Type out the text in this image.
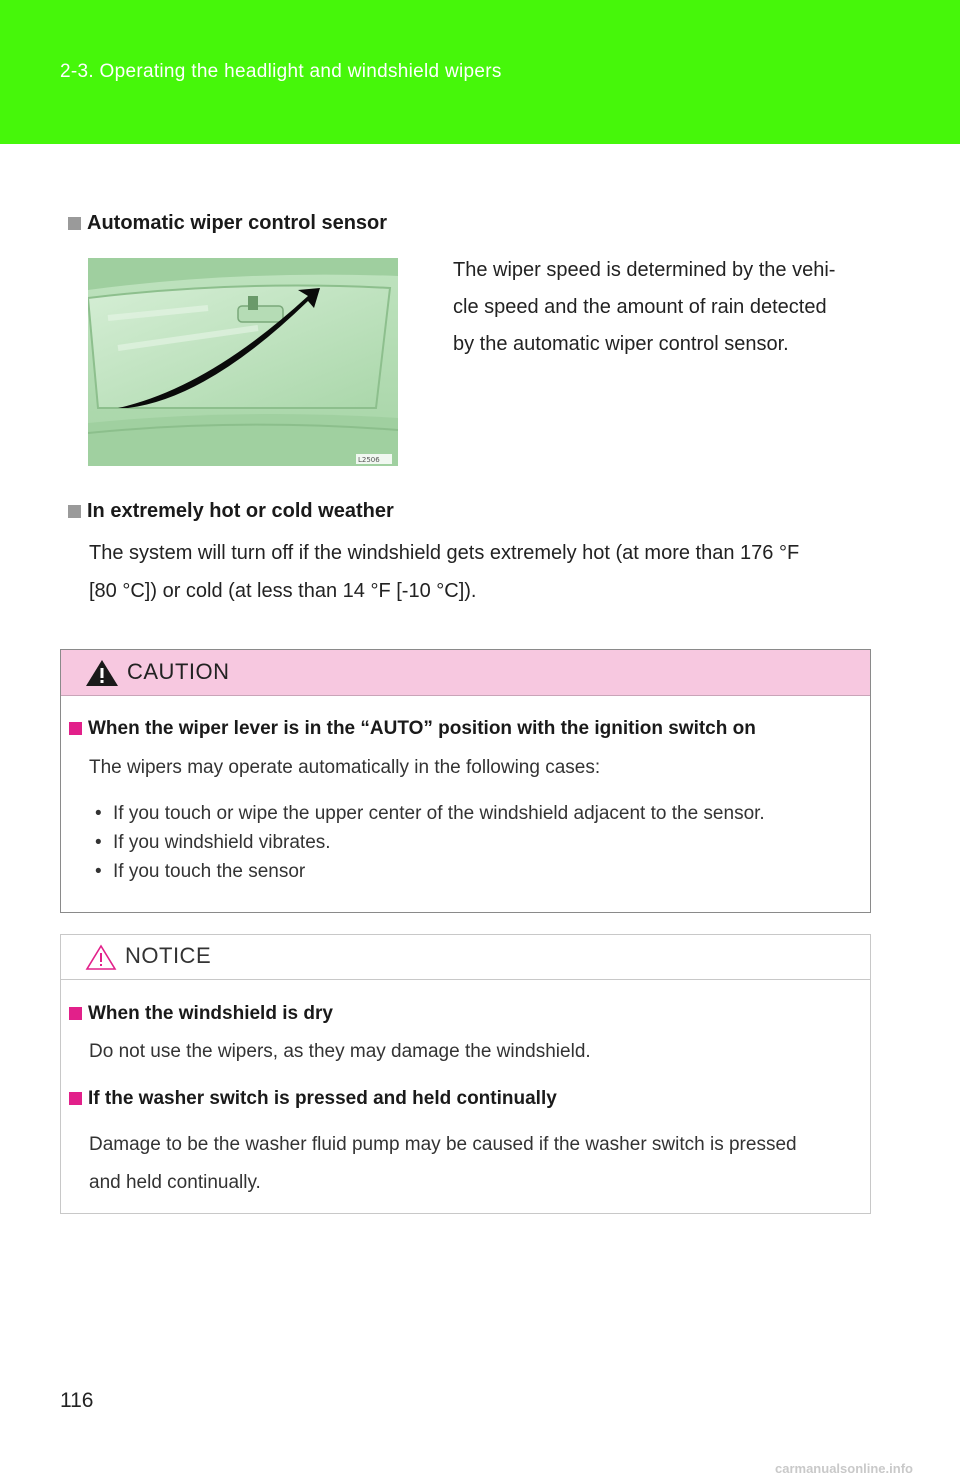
2-3. Operating the headlight and windshield wipers
Automatic wiper control sensor
L2506
The wiper speed is determined by the vehi-
cle speed and the amount of rain detected
by the automatic wiper control sensor.
In extremely hot or cold weather
The system will turn off if the windshield gets extremely hot (at more than 176 °F
[80 °C]) or cold (at less than 14 °F [-10 °C]).
CAUTION
When the wiper lever is in the “AUTO” position with the ignition switch on
The wipers may operate automatically in the following cases:
• If you touch or wipe the upper center of the windshield adjacent to the sensor.
• If you windshield vibrates.
• If you touch the sensor
NOTICE
When the windshield is dry
Do not use the wipers, as they may damage the windshield.
If the washer switch is pressed and held continually
Damage to be the washer fluid pump may be caused if the washer switch is pressed
and held continually.
116
carmanualsonline.info
